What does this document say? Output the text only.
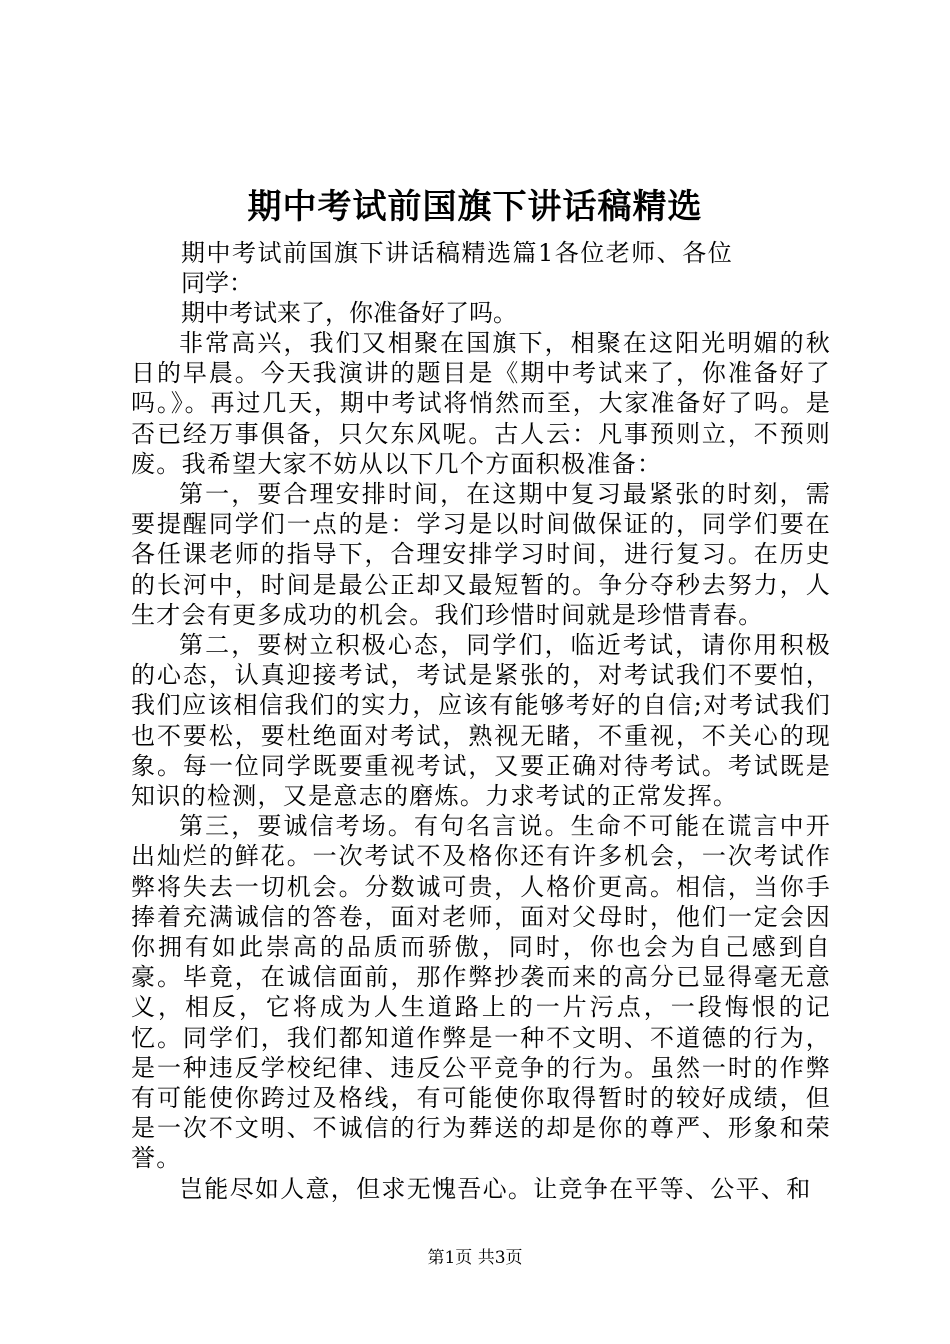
期中考试前国旗下讲话稿精选

期中考试前国旗下讲话稿精选篇1各位老师、各位

同学：

期中考试来了，你准备好了吗。

非常高兴，我们又相聚在国旗下，相聚在这阳光明媚的秋日的早晨。今天我演讲的题目是《期中考试来了，你准备好了吗。》。再过几天，期中考试将悄然而至，大家准备好了吗。是否已经万事俱备，只欠东风呢。古人云：凡事预则立，不预则废。我希望大家不妨从以下几个方面积极准备：

第一，要合理安排时间，在这期中复习最紧张的时刻，需要提醒同学们一点的是：学习是以时间做保证的，同学们要在各任课老师的指导下，合理安排学习时间，进行复习。在历史的长河中，时间是最公正却又最短暂的。争分夺秒去努力，人生才会有更多成功的机会。我们珍惜时间就是珍惜青春。

第二，要树立积极心态，同学们，临近考试，请你用积极的心态，认真迎接考试，考试是紧张的，对考试我们不要怕，我们应该相信我们的实力，应该有能够考好的自信;对考试我们也不要松，要杜绝面对考试，熟视无睹，不重视，不关心的现象。每一位同学既要重视考试，又要正确对待考试。考试既是知识的检测，又是意志的磨炼。力求考试的正常发挥。

第三，要诚信考场。有句名言说。生命不可能在谎言中开出灿烂的鲜花。一次考试不及格你还有许多机会，一次考试作弊将失去一切机会。分数诚可贵，人格价更高。相信，当你手捧着充满诚信的答卷，面对老师，面对父母时，他们一定会因你拥有如此崇高的品质而骄傲，同时，你也会为自己感到自豪。毕竟，在诚信面前，那作弊抄袭而来的高分已显得毫无意义，相反，它将成为人生道路上的一片污点，一段悔恨的记忆。同学们，我们都知道作弊是一种不文明、不道德的行为，是一种违反学校纪律、违反公平竞争的行为。虽然一时的作弊有可能使你跨过及格线，有可能使你取得暂时的较好成绩，但是一次不文明、不诚信的行为葬送的却是你的尊严、形象和荣誉。

岂能尽如人意，但求无愧吾心。让竞争在平等、公平、和

第1页 共3页
